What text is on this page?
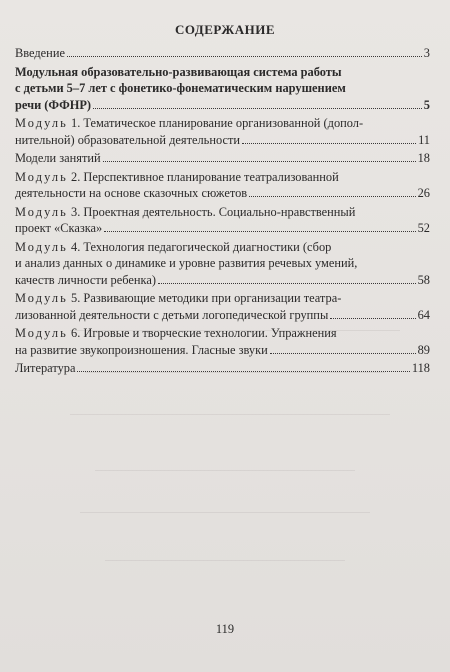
СОДЕРЖАНИЕ
Введение	3
Модульная образовательно-развивающая система работы
с детьми 5–7 лет с фонетико-фонематическим нарушением
речи (ФФНР)	5
Модуль 1. Тематическое планирование организованной (допол-
нительной) образовательной деятельности	11
Модели занятий	18
Модуль 2. Перспективное планирование театрализованной
деятельности на основе сказочных сюжетов	26
Модуль 3. Проектная деятельность. Социально-нравственный
проект «Сказка»	52
Модуль 4. Технология педагогической диагностики (сбор
и анализ данных о динамике и уровне развития речевых умений,
качеств личности ребенка)	58
Модуль 5. Развивающие методики при организации театра-
лизованной деятельности с детьми логопедической группы	64
Модуль 6. Игровые и творческие технологии. Упражнения
на развитие звукопроизношения. Гласные звуки	89
Литература	118
119
